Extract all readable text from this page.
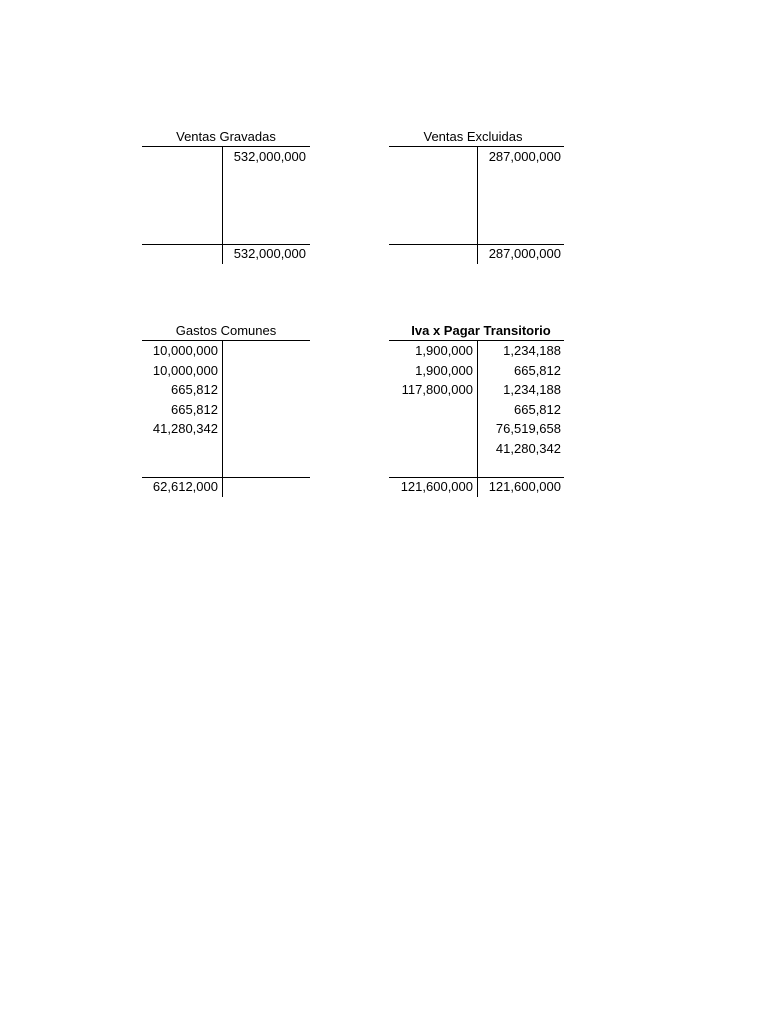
Ventas Gravadas
532,000,000
532,000,000
Ventas Excluidas
287,000,000
287,000,000
Gastos Comunes
10,000,000
10,000,000
665,812
665,812
41,280,342
62,612,000
Iva x Pagar Transitorio
1,900,000
1,900,000
117,800,000
1,234,188
665,812
1,234,188
665,812
76,519,658
41,280,342
121,600,000 121,600,000
